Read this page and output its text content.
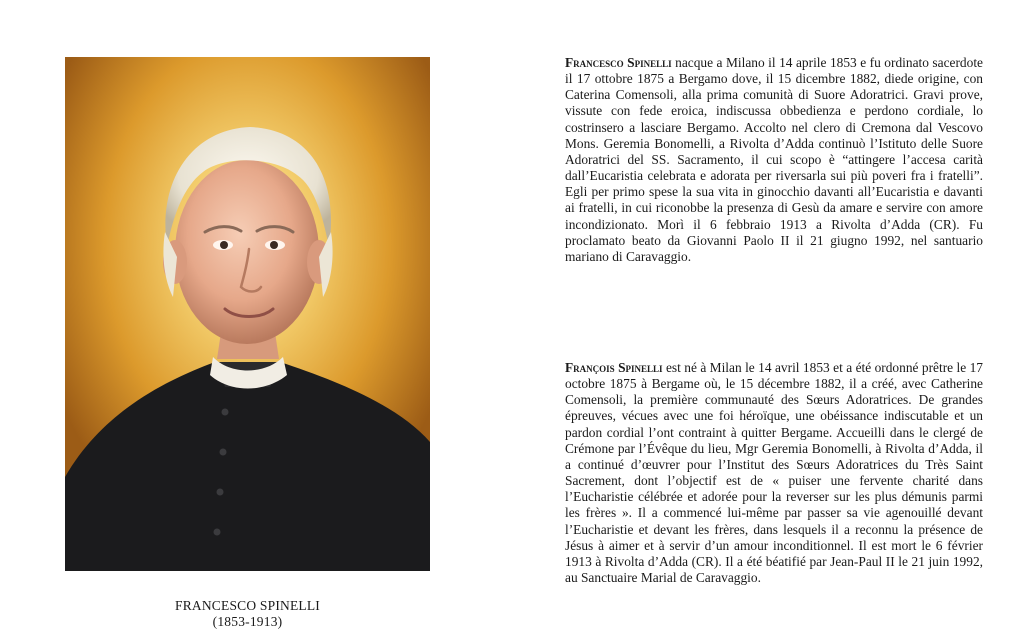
FRANCESCO SPINELLI
(1853-1913)
Francesco Spinelli nacque a Milano il 14 aprile 1853 e fu ordinato sacerdote il 17 ottobre 1875 a Bergamo dove, il 15 dicembre 1882, diede origine, con Caterina Comensoli, alla prima comunità di Suore Adoratrici. Gravi prove, vissute con fede eroica, indiscussa obbedienza e perdono cordiale, lo costrinsero a lasciare Bergamo. Accolto nel clero di Cremona dal Vescovo Mons. Geremia Bonomelli, a Rivolta d’Adda continuò l’Istituto delle Suore Adoratrici del SS. Sacramento, il cui scopo è “attingere l’accesa carità dall’Eucaristia celebrata e adorata per riversarla sui più poveri fra i fratelli”. Egli per primo spese la sua vita in ginocchio davanti all’Eucaristia e davanti ai fratelli, in cui riconobbe la presenza di Gesù da amare e servire con amore incondizionato. Morì il 6 febbraio 1913 a Rivolta d’Adda (CR). Fu proclamato beato da Giovanni Paolo II il 21 giugno 1992, nel santuario mariano di Caravaggio.
François Spinelli est né à Milan le 14 avril 1853 et a été ordonné prêtre le 17 octobre 1875 à Bergame où, le 15 décembre 1882, il a créé, avec Catherine Comensoli, la première communauté des Sœurs Adoratrices. De grandes épreuves, vécues avec une foi héroïque, une obéissance indiscutable et un pardon cordial l’ont contraint à quitter Bergame. Accueilli dans le clergé de Crémone par l’Évêque du lieu, Mgr Geremia Bonomelli, à Rivolta d’Adda, il a continué d’œuvrer pour l’Institut des Sœurs Adoratrices du Très Saint Sacrement, dont l’objectif est de « puiser une fervente charité dans l’Eucharistie célébrée et adorée pour la reverser sur les plus démunis parmi les frères ». Il a commencé lui-même par passer sa vie agenouillé devant l’Eucharistie et devant les frères, dans lesquels il a reconnu la présence de Jésus à aimer et à servir d’un amour inconditionnel. Il est mort le 6 février 1913 à Rivolta d’Adda (CR). Il a été béatifié par Jean-Paul II le 21 juin 1992, au Sanctuaire Marial de Caravaggio.
